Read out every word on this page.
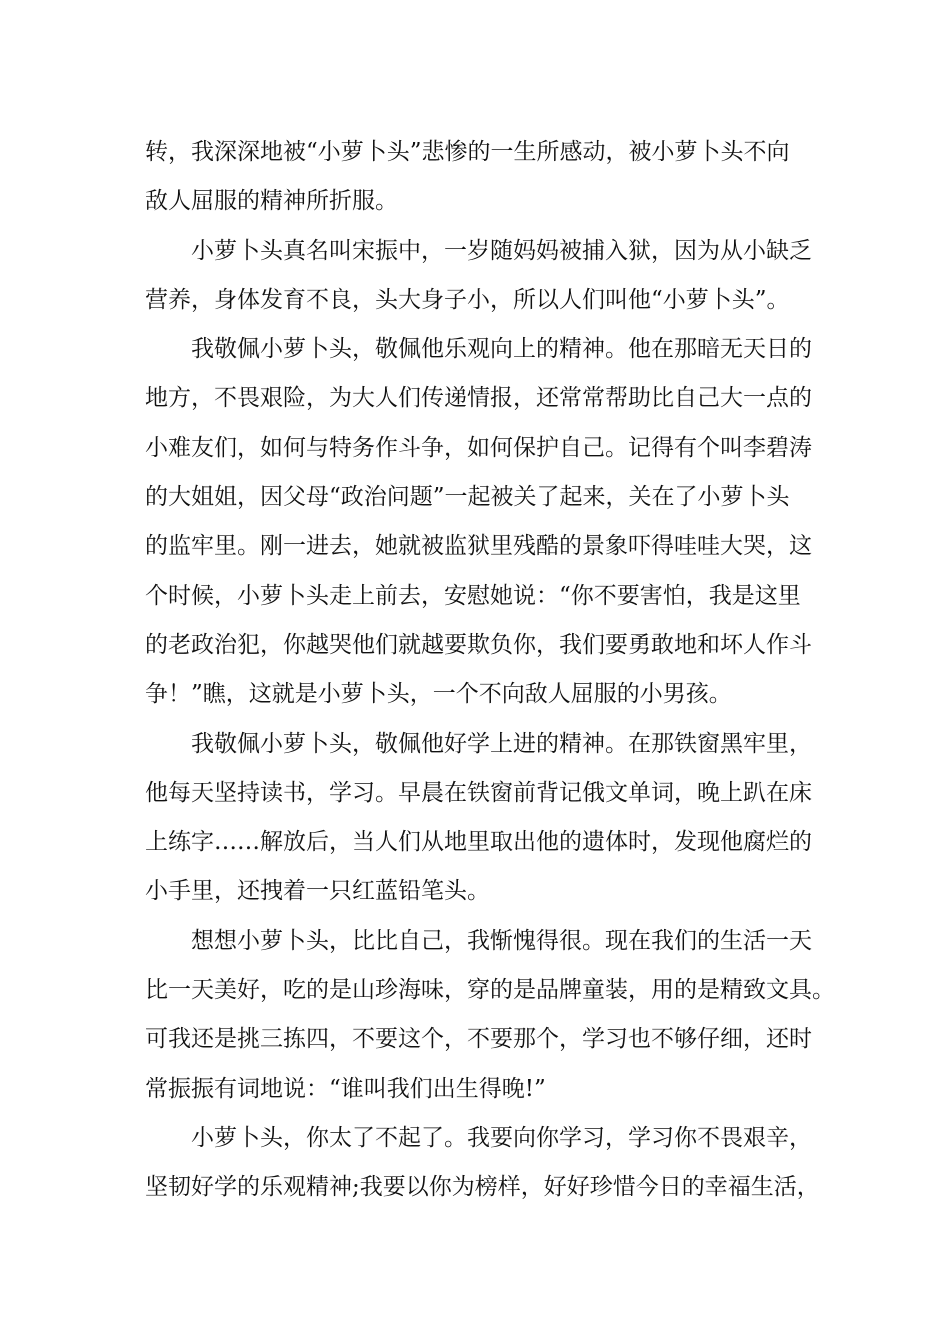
转，我深深地被“小萝卜头”悲惨的一生所感动，被小萝卜头不向
敌人屈服的精神所折服。
小萝卜头真名叫宋振中，一岁随妈妈被捕入狱，因为从小缺乏
营养，身体发育不良，头大身子小，所以人们叫他“小萝卜头”。
我敬佩小萝卜头，敬佩他乐观向上的精神。他在那暗无天日的
地方，不畏艰险，为大人们传递情报，还常常帮助比自己大一点的
小难友们，如何与特务作斗争，如何保护自己。记得有个叫李碧涛
的大姐姐，因父母“政治问题”一起被关了起来，关在了小萝卜头
的监牢里。刚一进去，她就被监狱里残酷的景象吓得哇哇大哭，这
个时候，小萝卜头走上前去，安慰她说：“你不要害怕，我是这里
的老政治犯，你越哭他们就越要欺负你，我们要勇敢地和坏人作斗
争！”瞧，这就是小萝卜头，一个不向敌人屈服的小男孩。
我敬佩小萝卜头，敬佩他好学上进的精神。在那铁窗黑牢里，
他每天坚持读书，学习。早晨在铁窗前背记俄文单词，晚上趴在床
上练字……解放后，当人们从地里取出他的遗体时，发现他腐烂的
小手里，还拽着一只红蓝铅笔头。
想想小萝卜头，比比自己，我惭愧得很。现在我们的生活一天
比一天美好，吃的是山珍海味，穿的是品牌童装，用的是精致文具。
可我还是挑三拣四，不要这个，不要那个，学习也不够仔细，还时
常振振有词地说：“谁叫我们出生得晚!”
小萝卜头，你太了不起了。我要向你学习，学习你不畏艰辛，
坚韧好学的乐观精神;我要以你为榜样，好好珍惜今日的幸福生活，
